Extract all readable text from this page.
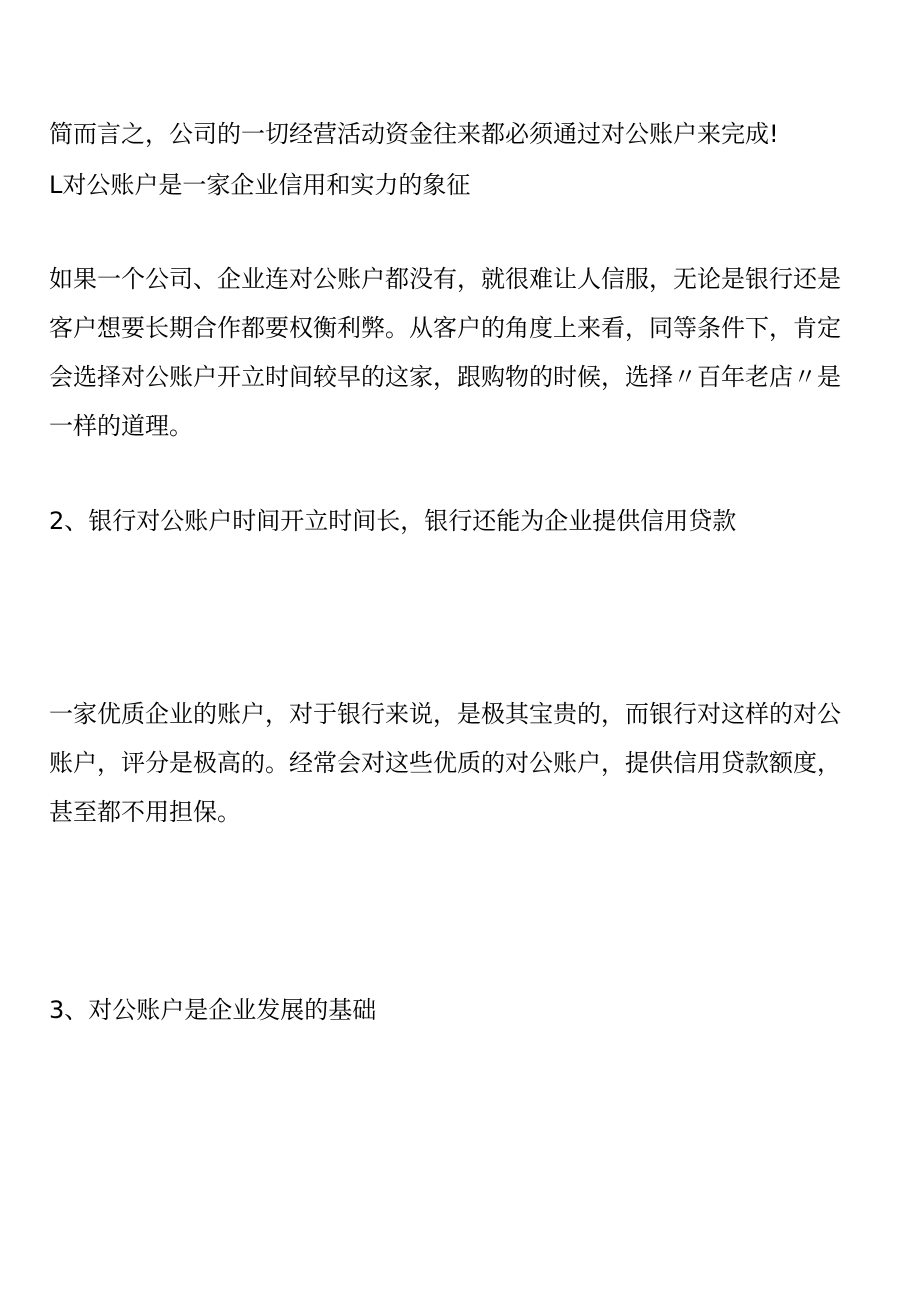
简而言之，公司的一切经营活动资金往来都必须通过对公账户来完成!
L对公账户是一家企业信用和实力的象征
如果一个公司、企业连对公账户都没有，就很难让人信服，无论是银行还是
客户想要长期合作都要权衡利弊。从客户的角度上来看，同等条件下，肯定
会选择对公账户开立时间较早的这家，跟购物的时候，选择〃百年老店〃是
一样的道理。
2、银行对公账户时间开立时间长，银行还能为企业提供信用贷款
一家优质企业的账户，对于银行来说，是极其宝贵的，而银行对这样的对公
账户，评分是极高的。经常会对这些优质的对公账户，提供信用贷款额度，
甚至都不用担保。
3、对公账户是企业发展的基础
